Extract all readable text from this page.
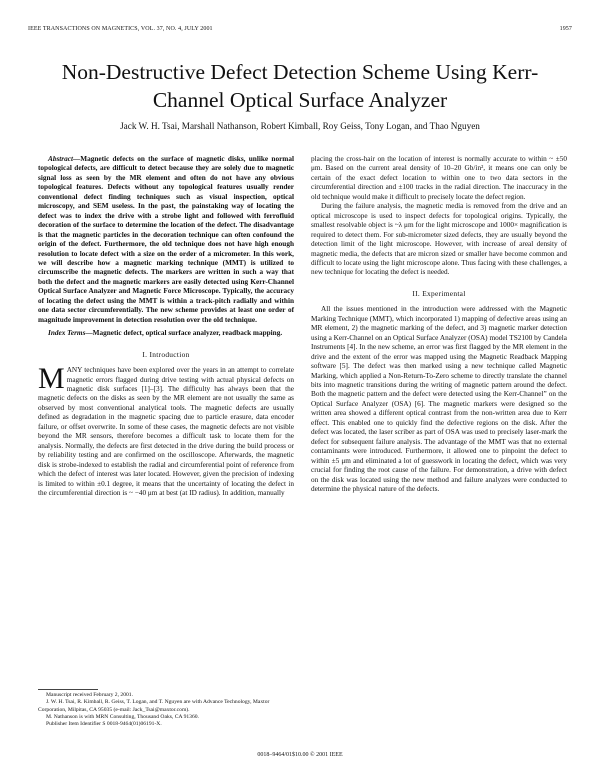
IEEE TRANSACTIONS ON MAGNETICS, VOL. 37, NO. 4, JULY 2001	1957
Non-Destructive Defect Detection Scheme Using Kerr-Channel Optical Surface Analyzer
Jack W. H. Tsai, Marshall Nathanson, Robert Kimball, Roy Geiss, Tony Logan, and Thao Nguyen

Abstract—Magnetic defects on the surface of magnetic disks, unlike normal topological defects, are difficult to detect because they are solely due to magnetic signal loss as seen by the MR element and often do not have any obvious topological features. Defects without any topological features usually render conventional defect finding techniques such as visual inspection, optical microscopy, and SEM useless. In the past, the painstaking way of locating the defect was to index the drive with a strobe light and followed with ferrofluid decoration of the surface to determine the location of the defect. The disadvantage is that the magnetic particles in the decoration technique can often confound the origin of the defect. Furthermore, the old technique does not have high enough resolution to locate defect with a size on the order of a micrometer. In this work, we will describe how a magnetic marking technique (MMT) is utilized to circumscribe the magnetic defects. The markers are written in such a way that both the defect and the magnetic markers are easily detected using Kerr-Channel Optical Surface Analyzer and Magnetic Force Microscope. Typically, the accuracy of locating the defect using the MMT is within a track-pitch radially and within one data sector circumferentially. The new scheme provides at least one order of magnitude improvement in detection resolution over the old technique.

Index Terms—Magnetic defect, optical surface analyzer, readback mapping.

I. Introduction

MANY techniques have been explored over the years in an attempt to correlate magnetic errors flagged during drive testing with actual physical defects on magnetic disk surfaces [1]–[3]. The difficulty has always been that the magnetic defects on the disks as seen by the MR element are not usually the same as observed by most conventional analytical tools. The magnetic defects are usually defined as degradation in the magnetic spacing due to particle erasure, data encoder failure, or offset overwrite. In some of these cases, the magnetic defects are not visible beyond the MR sensors, therefore becomes a difficult task to locate them for the analysis. Normally, the defects are first detected in the drive during the build process or by reliability testing and are confirmed on the oscilloscope. Afterwards, the magnetic disk is strobe-indexed to establish the radial and circumferential point of reference from which the defect of interest was later located. However, given the precision of indexing is limited to within ±0.1 degree, it means that the uncertainty of locating the defect in the circumferential direction is ~ −40 μm at best (at ID radius). In addition, manually

placing the cross-hair on the location of interest is normally accurate to within ~ ±50 μm. Based on the current areal density of 10–20 Gb/in², it means one can only be certain of the exact defect location to within one to two data sectors in the circumferential direction and ±100 tracks in the radial direction. The inaccuracy in the old technique would make it difficult to precisely locate the defect region.

During the failure analysis, the magnetic media is removed from the drive and an optical microscope is used to inspect defects for topological origins. Typically, the smallest resolvable object is ~λ μm for the light microscope and 1000× magnification is required to detect them. For sub-micrometer sized defects, they are usually beyond the detection limit of the light microscope. However, with increase of areal density of magnetic media, the defects that are micron sized or smaller have become common and difficult to locate using the light microscope alone. Thus facing with these challenges, a new technique for locating the defect is needed.

II. Experimental

All the issues mentioned in the introduction were addressed with the Magnetic Marking Technique (MMT), which incorporated 1) mapping of defective areas using an MR element, 2) the magnetic marking of the defect, and 3) magnetic marker detection using a Kerr-Channel on an Optical Surface Analyzer (OSA) model TS2100 by Candela Instruments [4]. In the new scheme, an error was first flagged by the MR element in the drive and the extent of the error was mapped using the Magnetic Readback Mapping software [5]. The defect was then marked using a new technique called Magnetic Marking, which applied a Non-Return-To-Zero scheme to directly translate the channel bits into magnetic transitions during the writing of magnetic pattern around the defect. Both the magnetic pattern and the defect were detected using the Kerr-Channel” on the Optical Surface Analyzer (OSA) [6]. The magnetic markers were designed so the written area showed a different optical contrast from the non-written area due to Kerr effect. This enabled one to quickly find the defective regions on the disk. After the defect was located, the laser scriber as part of OSA was used to precisely laser-mark the defect for subsequent failure analysis. The advantage of the MMT was that no external contaminants were introduced. Furthermore, it allowed one to pinpoint the defect to within ±5 μm and eliminated a lot of guesswork in locating the defect, which was very crucial for finding the root cause of the failure. For demonstration, a drive with defect on the disk was located using the new method and failure analyzes were conducted to determine the physical nature of the defects.

Manuscript received February 2, 2001.

J. W. H. Tsai, R. Kimball, R. Geiss, T. Logan, and T. Nguyen are with Advance Technology, Maxtor Corporation, Milpitas, CA 95035 (e-mail: Jack_Tsai@maxtor.com).

M. Nathanson is with MRN Consulting, Thousand Oaks, CA 91360.

Publisher Item Identifier S 0018-9464(01)06191-X.

0018–9464/01$10.00 © 2001 IEEE
